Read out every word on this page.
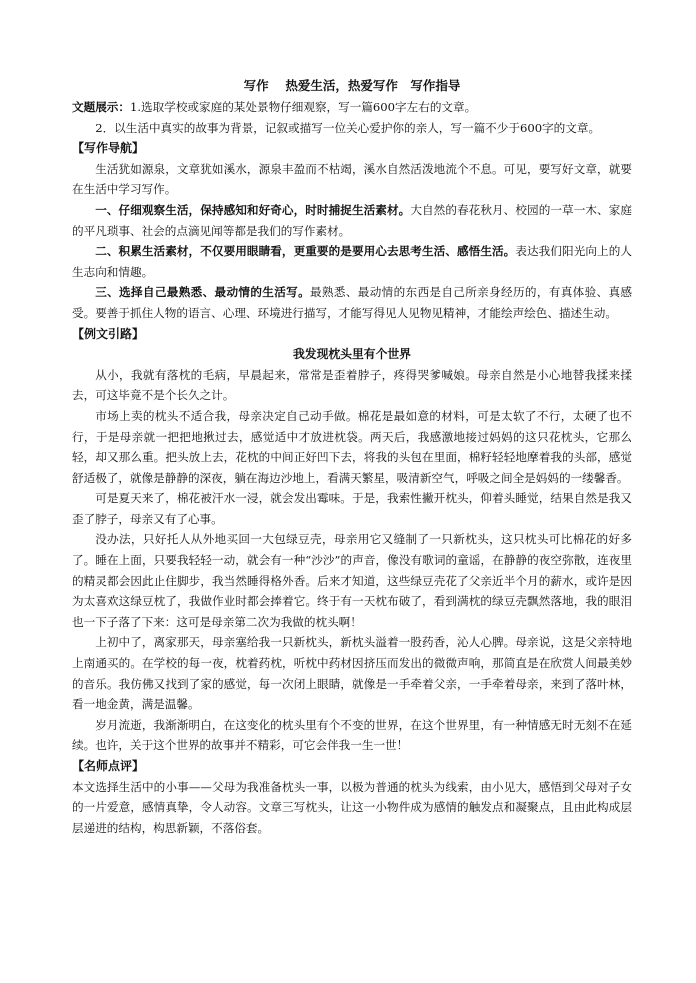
写作　 热爱生活，热爱写作　写作指导

文题展示：1.选取学校或家庭的某处景物仔细观察，写一篇600字左右的文章。

2．以生活中真实的故事为背景，记叙或描写一位关心爱护你的亲人，写一篇不少于600字的文章。

【写作导航】

生活犹如源泉，文章犹如溪水，源泉丰盈而不枯竭，溪水自然活泼地流个不息。可见，要写好文章，就要在生活中学习写作。

一、仔细观察生活，保持感知和好奇心，时时捕捉生活素材。大自然的春花秋月、校园的一草一木、家庭的平凡琐事、社会的点滴见闻等都是我们的写作素材。

二、积累生活素材，不仅要用眼睛看，更重要的是要用心去思考生活、感悟生活。表达我们阳光向上的人生志向和情趣。

三、选择自己最熟悉、最动情的生活写。最熟悉、最动情的东西是自己所亲身经历的，有真体验、真感受。要善于抓住人物的语言、心理、环境进行描写，才能写得见人见物见精神，才能绘声绘色、描述生动。

【例文引路】
我发现枕头里有个世界

从小，我就有落枕的毛病，早晨起来，常常是歪着脖子，疼得哭爹喊娘。母亲自然是小心地替我揉来揉去，可这毕竟不是个长久之计。

市场上卖的枕头不适合我，母亲决定自己动手做。棉花是最如意的材料，可是太软了不行，太硬了也不行，于是母亲就一把把地揪过去，感觉适中才放进枕袋。两天后，我感激地接过妈妈的这只花枕头，它那么轻，却又那么重。把头放上去，花枕的中间正好凹下去，将我的头包在里面，棉籽轻轻地摩着我的头部，感觉舒适极了，就像是静静的深夜，躺在海边沙地上，看满天繁星，吸清新空气，呼吸之间全是妈妈的一缕馨香。

可是夏天来了，棉花被汗水一浸，就会发出霉味。于是，我索性撇开枕头，仰着头睡觉，结果自然是我又歪了脖子，母亲又有了心事。

没办法，只好托人从外地买回一大包绿豆壳，母亲用它又缝制了一只新枕头，这只枕头可比棉花的好多了。睡在上面，只要我轻轻一动，就会有一种“沙沙”的声音，像没有歌词的童谣，在静静的夜空弥散，连夜里的精灵都会因此止住脚步，我当然睡得格外香。后来才知道，这些绿豆壳花了父亲近半个月的薪水，或许是因为太喜欢这绿豆枕了，我做作业时都会捧着它。终于有一天枕布破了，看到满枕的绿豆壳飘然落地，我的眼泪也一下子落了下来：这可是母亲第二次为我做的枕头啊！

上初中了，离家那天，母亲塞给我一只新枕头，新枕头溢着一股药香，沁人心脾。母亲说，这是父亲特地上南通买的。在学校的每一夜，枕着药枕，听枕中药材因挤压而发出的微微声响，那简直是在欣赏人间最美妙的音乐。我仿佛又找到了家的感觉，每一次闭上眼睛，就像是一手牵着父亲，一手牵着母亲，来到了落叶林，看一地金黄，满是温馨。

岁月流逝，我渐渐明白，在这变化的枕头里有个不变的世界，在这个世界里，有一种情感无时无刻不在延续。也许，关于这个世界的故事并不精彩，可它会伴我一生一世！

【名师点评】

本文选择生活中的小事——父母为我准备枕头一事，以极为普通的枕头为线索，由小见大，感悟到父母对子女的一片爱意，感情真挚，令人动容。文章三写枕头，让这一小物件成为感情的触发点和凝聚点，且由此构成层层递进的结构，构思新颖，不落俗套。
